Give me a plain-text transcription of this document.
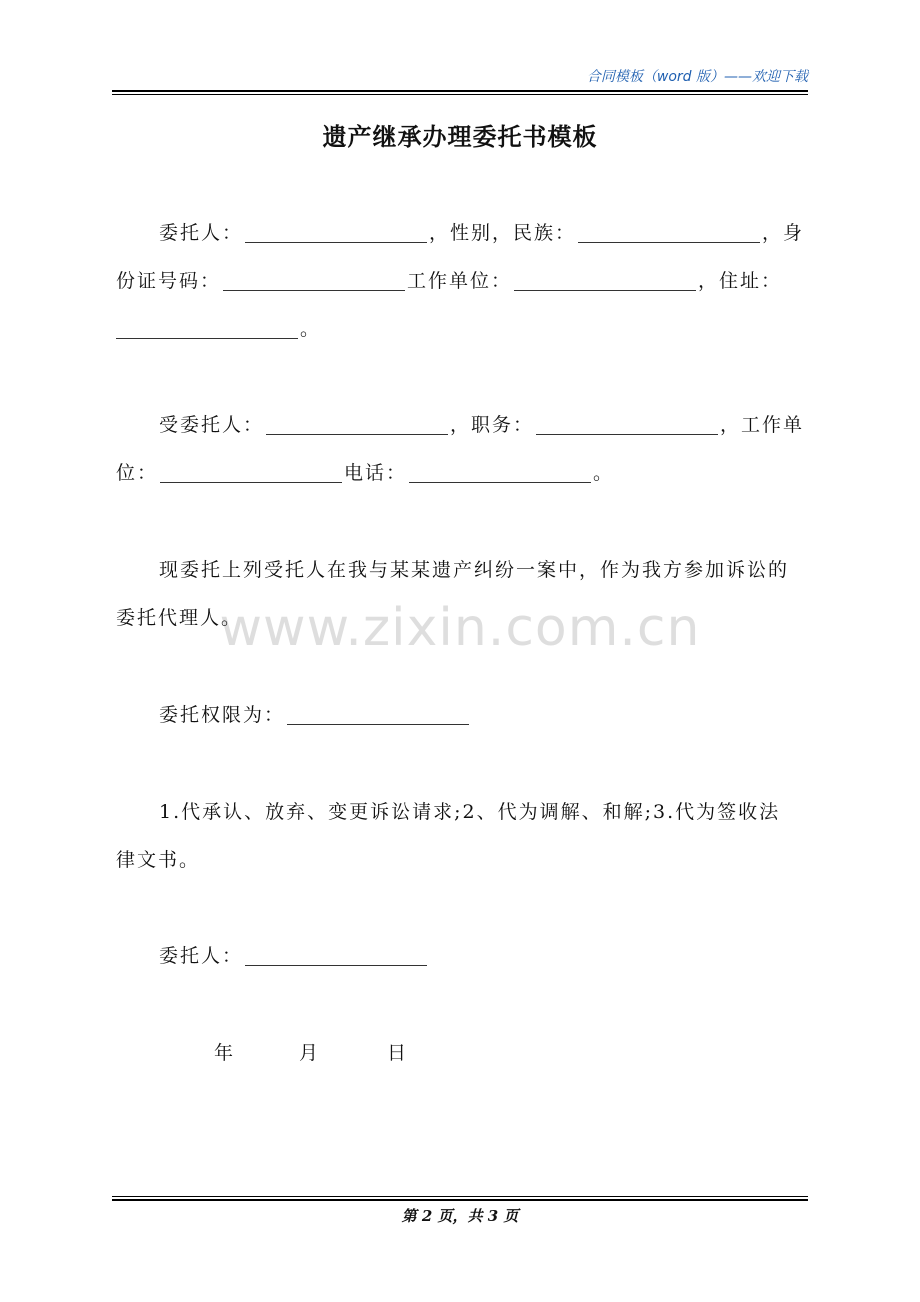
合同模板（word 版）——欢迎下载
遗产继承办理委托书模板
www.zixin.com.cn
委托人：	，性别，民族：	，身
份证号码：	工作单位：	，住址：
。
受委托人：	，职务：	，工作单
位：	电话：	。
现委托上列受托人在我与某某遗产纠纷一案中，作为我方参加诉讼的
委托代理人。
委托权限为：
1.代承认、放弃、变更诉讼请求;2、代为调解、和解;3.代为签收法
律文书。
委托人：
年	月	日
第 2 页，共 3 页
